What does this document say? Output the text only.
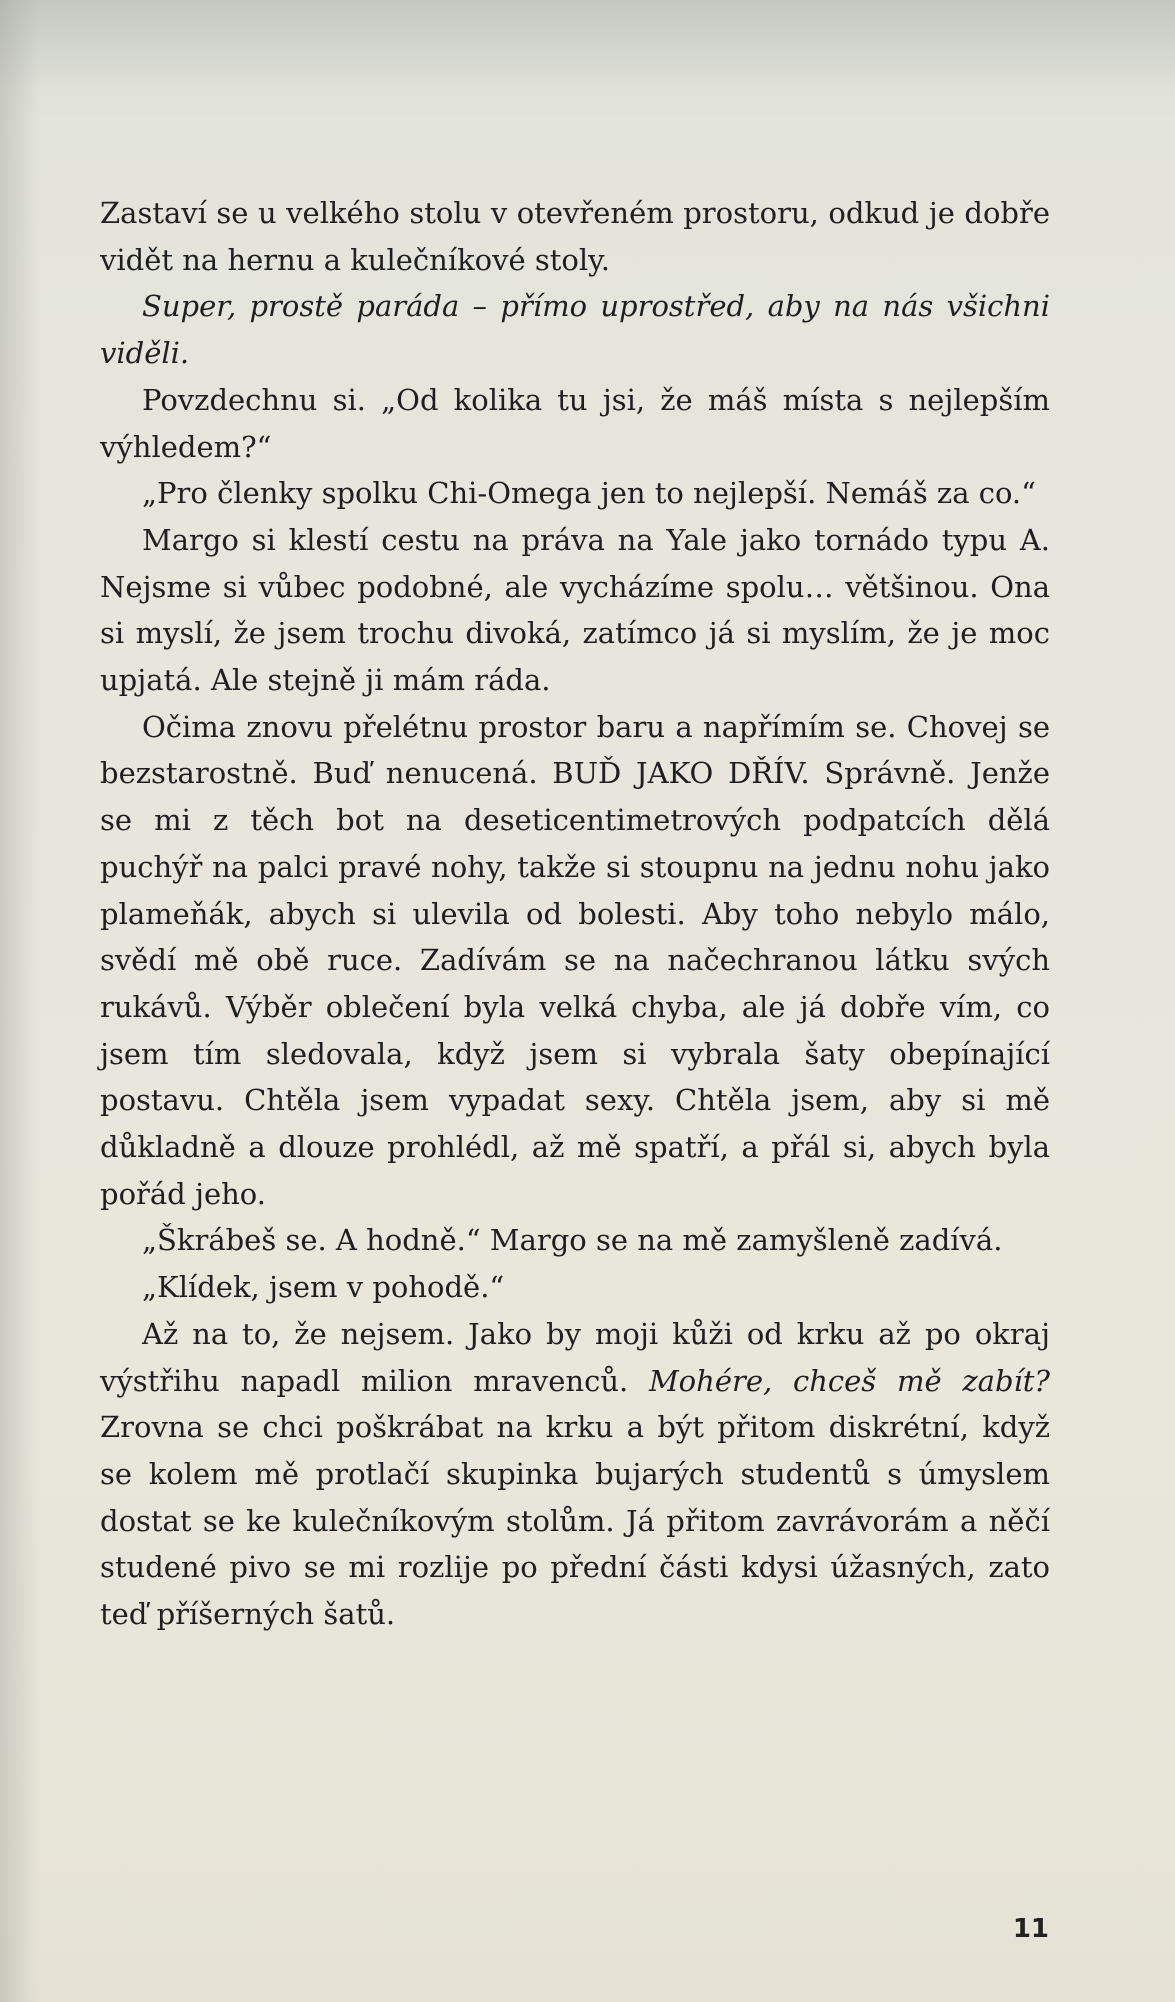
Zastaví se u velkého stolu v otevřeném prostoru, odkud je dobře vidět na hernu a kulečníkové stoly.

Super, prostě paráda – přímo uprostřed, aby na nás všichni viděli.

Povzdechnu si. „Od kolika tu jsi, že máš místa s nejlepším výhledem?“

„Pro členky spolku Chi-Omega jen to nejlepší. Nemáš za co.“

Margo si klestí cestu na práva na Yale jako tornádo typu A. Nejsme si vůbec podobné, ale vycházíme spolu… většinou. Ona si myslí, že jsem trochu divoká, zatímco já si myslím, že je moc upjatá. Ale stejně ji mám ráda.

Očima znovu přelétnu prostor baru a napřímím se. Chovej se bezstarostně. Buď nenucená. BUĎ JAKO DŘÍV. Správně. Jenže se mi z těch bot na deseticentimetrových podpatcích dělá puchýř na palci pravé nohy, takže si stoupnu na jednu nohu jako plameňák, abych si ulevila od bolesti. Aby toho nebylo málo, svědí mě obě ruce. Zadívám se na načechranou látku svých rukávů. Výběr oblečení byla velká chyba, ale já dobře vím, co jsem tím sledovala, když jsem si vybrala šaty obepínající postavu. Chtěla jsem vypadat sexy. Chtěla jsem, aby si mě důkladně a dlouze prohlédl, až mě spatří, a přál si, abych byla pořád jeho.

„Škrábeš se. A hodně.“ Margo se na mě zamyšleně zadívá.

„Klídek, jsem v pohodě.“

Až na to, že nejsem. Jako by moji kůži od krku až po okraj výstřihu napadl milion mravenců. Mohére, chceš mě zabít? Zrovna se chci poškrábat na krku a být přitom diskrétní, když se kolem mě protlačí skupinka bujarých studentů s úmyslem dostat se ke kulečníkovým stolům. Já přitom zavrávorám a něčí studené pivo se mi rozlije po přední části kdysi úžasných, zato teď příšerných šatů.

11
